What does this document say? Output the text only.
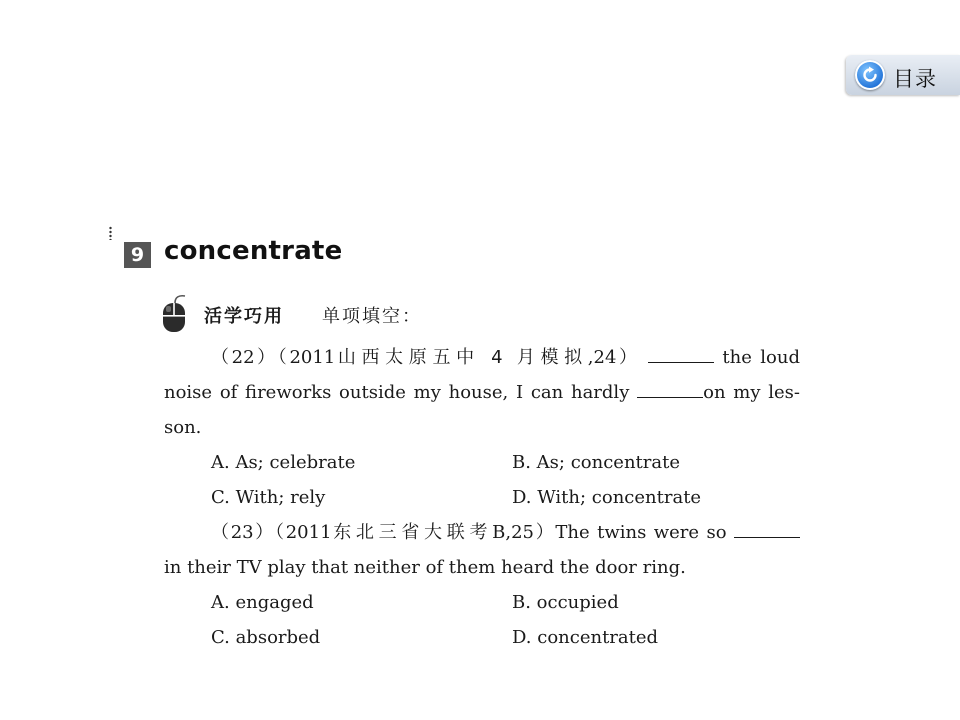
目录
9 concentrate
活学巧用 单项填空：
（22）（2011山西太原五中 4 月模拟,24）	the loud
noise of fireworks outside my house, I can hardly	on my les-
son.
A. As; celebrate	B. As; concentrate
C. With; rely	D. With; concentrate
（23）（2011东北三省大联考B,25）The twins were so
in their TV play that neither of them heard the door ring.
A. engaged	B. occupied
C. absorbed	D. concentrated
